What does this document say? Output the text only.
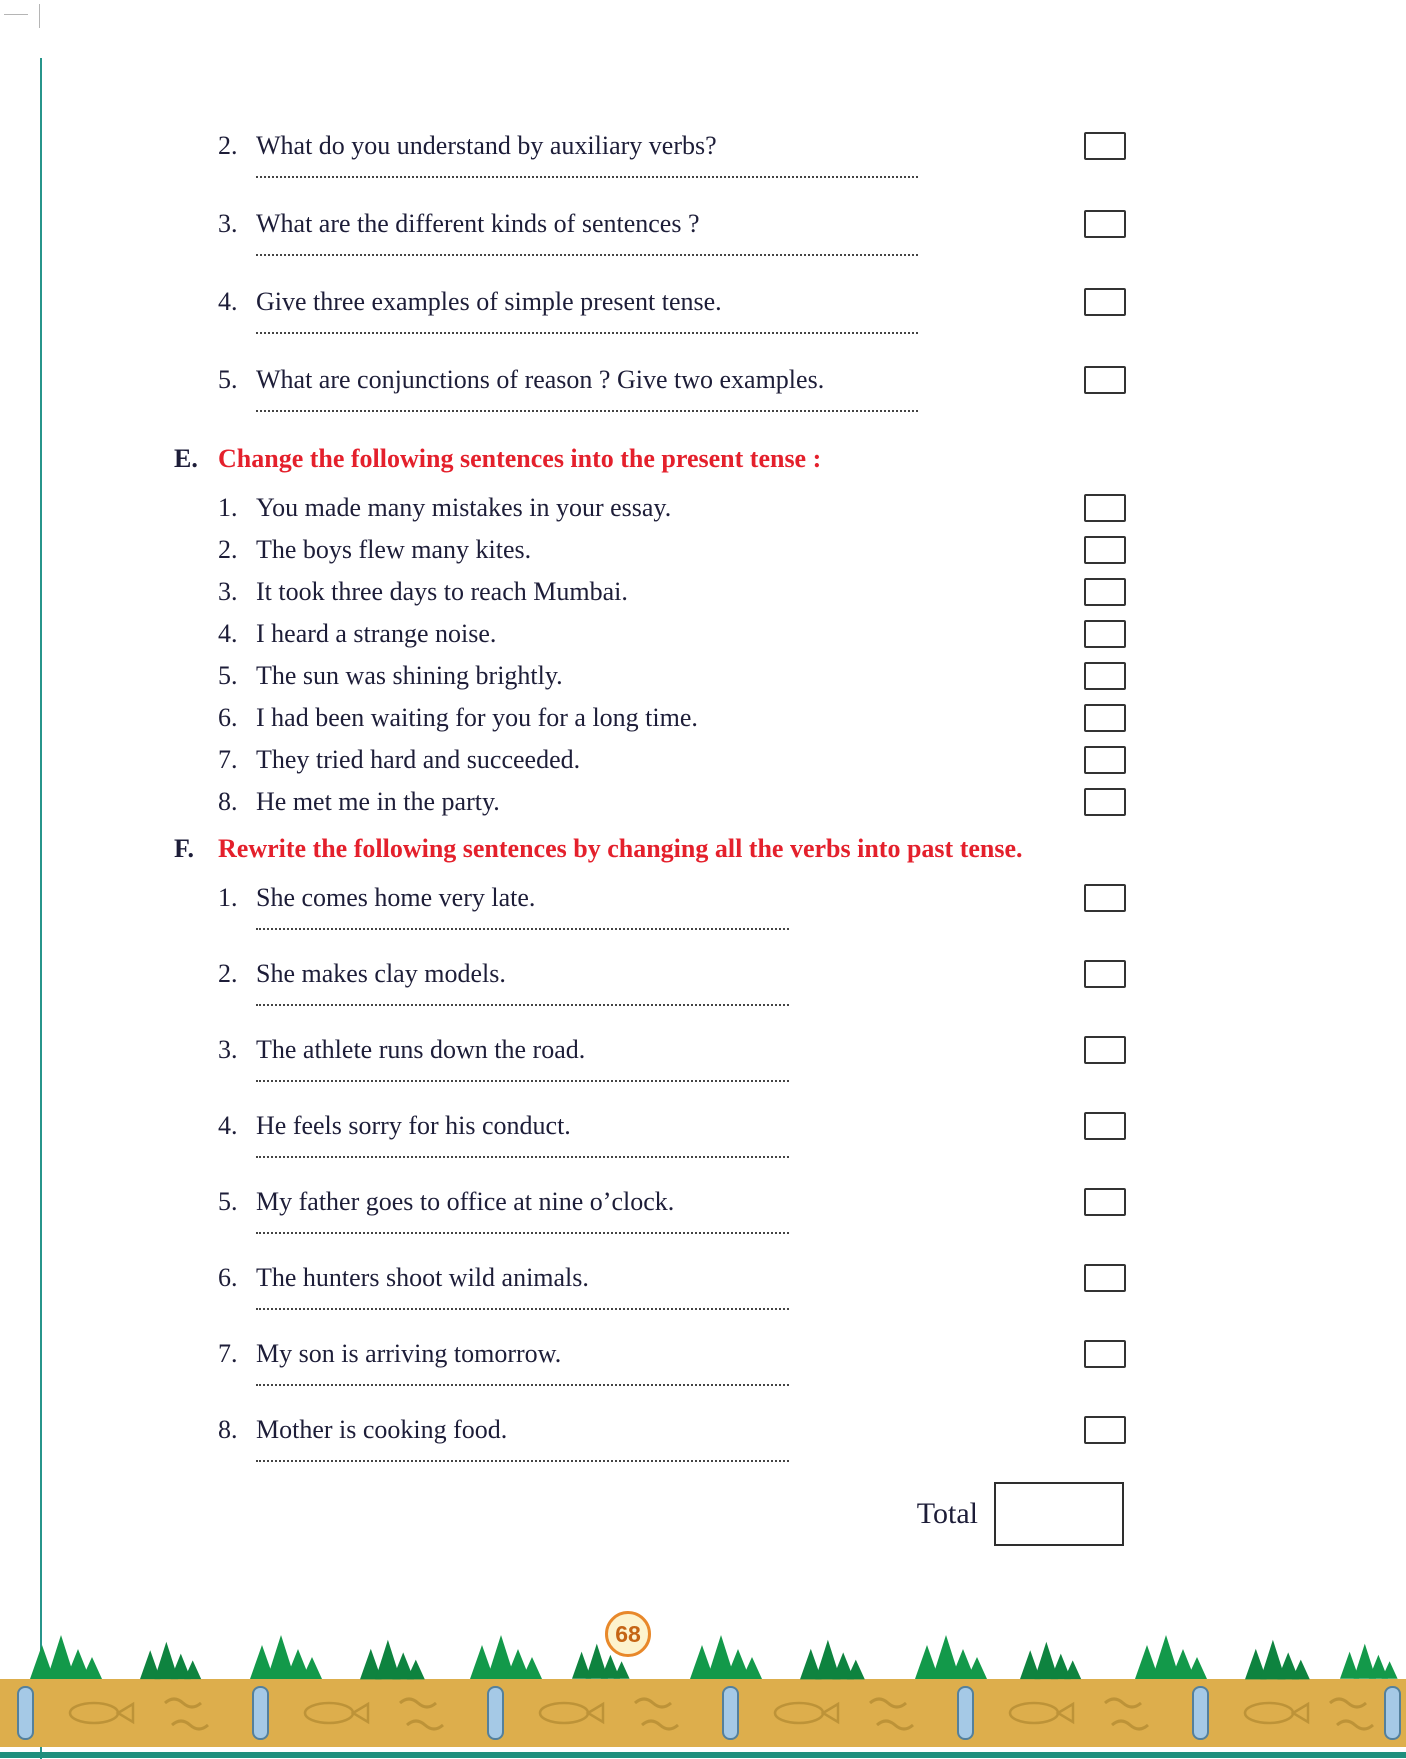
2. What do you understand by auxiliary verbs?
3. What are the different kinds of sentences ?
4. Give three examples of simple present tense.
5. What are conjunctions of reason ? Give two examples.
E. Change the following sentences into the present tense :
1. You made many mistakes in your essay.
2. The boys flew many kites.
3. It took three days to reach Mumbai.
4. I heard a strange noise.
5. The sun was shining brightly.
6. I had been waiting for you for a long time.
7. They tried hard and succeeded.
8. He met me in the party.
F. Rewrite the following sentences by changing all the verbs into past tense.
1. She comes home very late.
2. She makes clay models.
3. The athlete runs down the road.
4. He feels sorry for his conduct.
5. My father goes to office at nine o’clock.
6. The hunters shoot wild animals.
7. My son is arriving tomorrow.
8. Mother is cooking food.
Total
68
